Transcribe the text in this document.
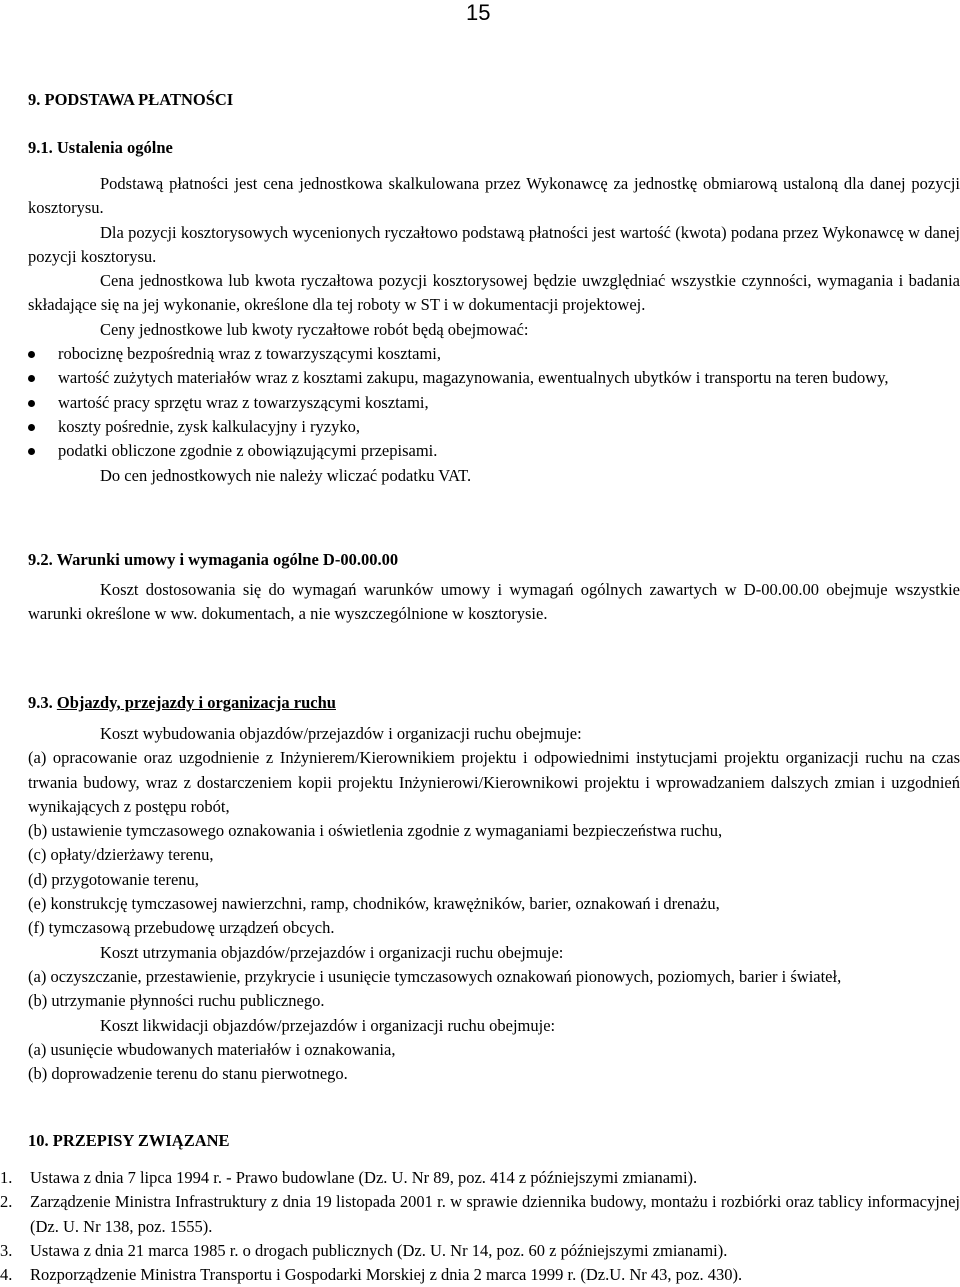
15
9. PODSTAWA PŁATNOŚCI
9.1. Ustalenia ogólne

Podstawą płatności jest cena jednostkowa skalkulowana przez Wykonawcę za jednostkę obmiarową ustaloną dla danej pozycji kosztorysu.

Dla pozycji kosztorysowych wycenionych ryczałtowo podstawą płatności jest wartość (kwota) podana przez Wykonawcę w danej pozycji kosztorysu.

Cena jednostkowa lub kwota ryczałtowa pozycji kosztorysowej będzie uwzględniać wszystkie czynności, wymagania i badania składające się na jej wykonanie, określone dla tej roboty w ST i w dokumentacji projektowej.

Ceny jednostkowe lub kwoty ryczałtowe robót będą obejmować:

robociznę bezpośrednią wraz z towarzyszącymi kosztami,
wartość zużytych materiałów wraz z kosztami zakupu, magazynowania, ewentualnych ubytków i transportu na teren budowy,
wartość pracy sprzętu wraz z towarzyszącymi kosztami,
koszty pośrednie, zysk kalkulacyjny i ryzyko,
podatki obliczone zgodnie z obowiązującymi przepisami.

Do cen jednostkowych nie należy wliczać podatku VAT.

9.2. Warunki umowy i wymagania ogólne D-00.00.00

Koszt dostosowania się do wymagań warunków umowy i wymagań ogólnych zawartych w D-00.00.00 obejmuje wszystkie warunki określone w ww. dokumentach, a nie wyszczególnione w kosztorysie.

9.3. Objazdy, przejazdy i organizacja ruchu

Koszt wybudowania objazdów/przejazdów i organizacji ruchu obejmuje:

(a) opracowanie oraz uzgodnienie z Inżynierem/Kierownikiem projektu i odpowiednimi instytucjami projektu organizacji ruchu na czas trwania budowy, wraz z dostarczeniem kopii projektu Inżynierowi/Kierownikowi projektu i wprowadzaniem dalszych zmian i uzgodnień wynikających z postępu robót,

(b) ustawienie tymczasowego oznakowania i oświetlenia zgodnie z wymaganiami bezpieczeństwa ruchu,

(c) opłaty/dzierżawy terenu,

(d) przygotowanie terenu,

(e) konstrukcję tymczasowej nawierzchni, ramp, chodników, krawężników, barier, oznakowań i drenażu,

(f) tymczasową przebudowę urządzeń obcych.

Koszt utrzymania objazdów/przejazdów i organizacji ruchu obejmuje:

(a) oczyszczanie, przestawienie, przykrycie i usunięcie tymczasowych oznakowań pionowych, poziomych, barier i świateł,

(b) utrzymanie płynności ruchu publicznego.

Koszt likwidacji objazdów/przejazdów i organizacji ruchu obejmuje:

(a) usunięcie wbudowanych materiałów i oznakowania,

(b) doprowadzenie terenu do stanu pierwotnego.

10. PRZEPISY ZWIĄZANE
1. Ustawa z dnia 7 lipca 1994 r. - Prawo budowlane (Dz. U. Nr 89, poz. 414 z późniejszymi zmianami).
2. Zarządzenie Ministra Infrastruktury z dnia 19 listopada 2001 r. w sprawie dziennika budowy, montażu i rozbiórki oraz tablicy informacyjnej (Dz. U. Nr 138, poz. 1555).
3. Ustawa z dnia 21 marca 1985 r. o drogach publicznych (Dz. U. Nr 14, poz. 60 z późniejszymi zmianami).
4. Rozporządzenie Ministra Transportu i Gospodarki Morskiej z dnia 2 marca 1999 r. (Dz.U. Nr 43, poz. 430).
